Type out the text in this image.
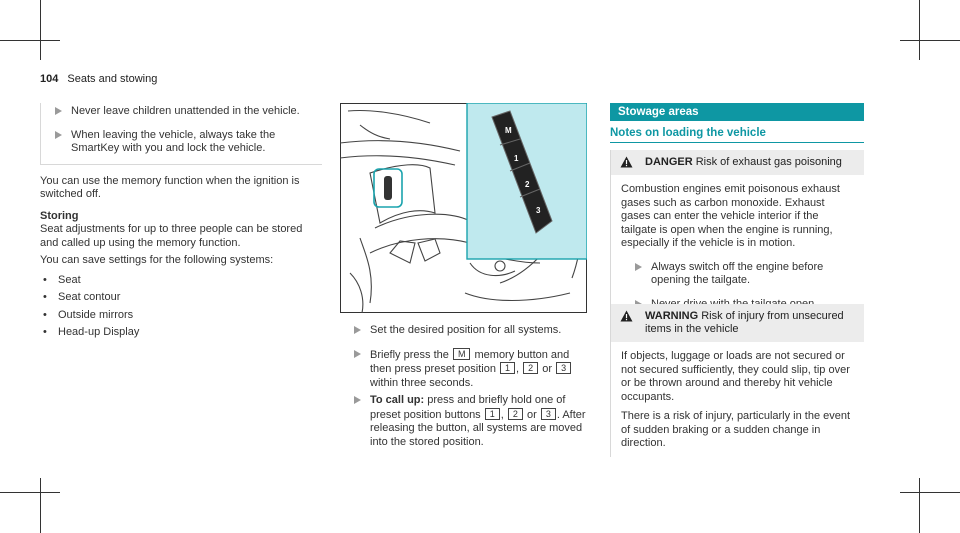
104 Seats and stowing

Never leave children unattended in the vehicle.

When leaving the vehicle, always take the SmartKey with you and lock the vehicle.

You can use the memory function when the ignition is switched off.

Storing

Seat adjustments for up to three people can be stored and called up using the memory function.

You can save settings for the following systems:

• Seat

• Seat contour

• Outside mirrors

• Head-up Display

M
1
2
3

Set the desired position for all systems.

Briefly press the M memory button and then press preset position 1 , 2 or 3 within three seconds.

To call up: press and briefly hold one of preset position buttons 1 , 2 or 3 . After releasing the button, all systems are moved into the stored position.

Stowage areas
Notes on loading the vehicle
DANGER Risk of exhaust gas poisoning

Combustion engines emit poisonous exhaust gases such as carbon monoxide. Exhaust gases can enter the vehicle interior if the tailgate is open when the engine is running, especially if the vehicle is in motion.

Always switch off the engine before opening the tailgate.

WARNING Risk of injury from unsecured items in the vehicle

If objects, luggage or loads are not secured or not secured sufficiently, they could slip, tip over or be thrown around and thereby hit vehicle occupants.

There is a risk of injury, particularly in the event of sudden braking or a sudden change in direction.
